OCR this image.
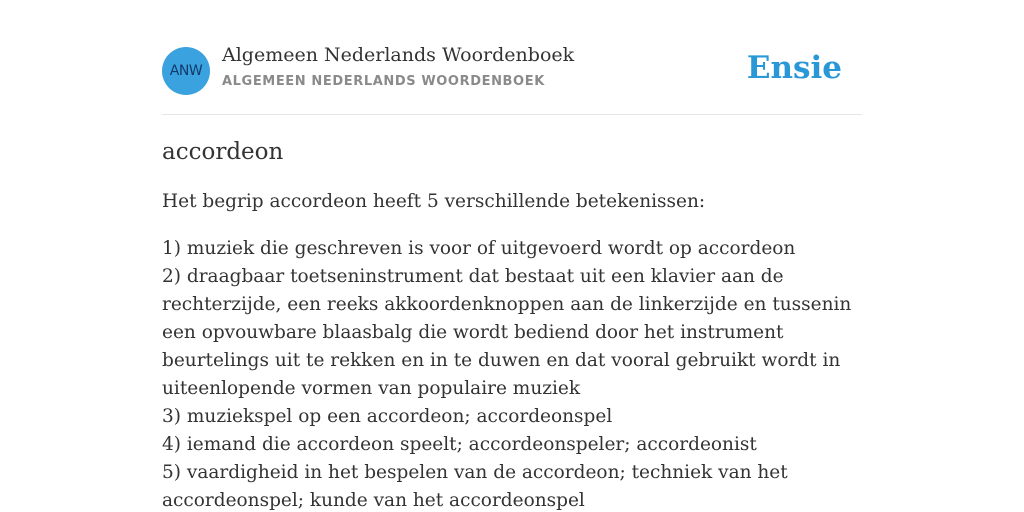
ANW
Algemeen Nederlands Woordenboek
ALGEMEEN NEDERLANDS WOORDENBOEK	Ensie
accordeon

Het begrip accordeon heeft 5 verschillende betekenissen:

1) muziek die geschreven is voor of uitgevoerd wordt op accordeon
2) draagbaar toetseninstrument dat bestaat uit een klavier aan de rechterzijde, een reeks akkoordenknoppen aan de linkerzijde en tussenin een opvouwbare blaasbalg die wordt bediend door het instrument beurtelings uit te rekken en in te duwen en dat vooral gebruikt wordt in uiteenlopende vormen van populaire muziek
3) muziekspel op een accordeon; accordeonspel
4) iemand die accordeon speelt; accordeonspeler; accordeonist
5) vaardigheid in het bespelen van de accordeon; techniek van het accordeonspel; kunde van het accordeonspel
